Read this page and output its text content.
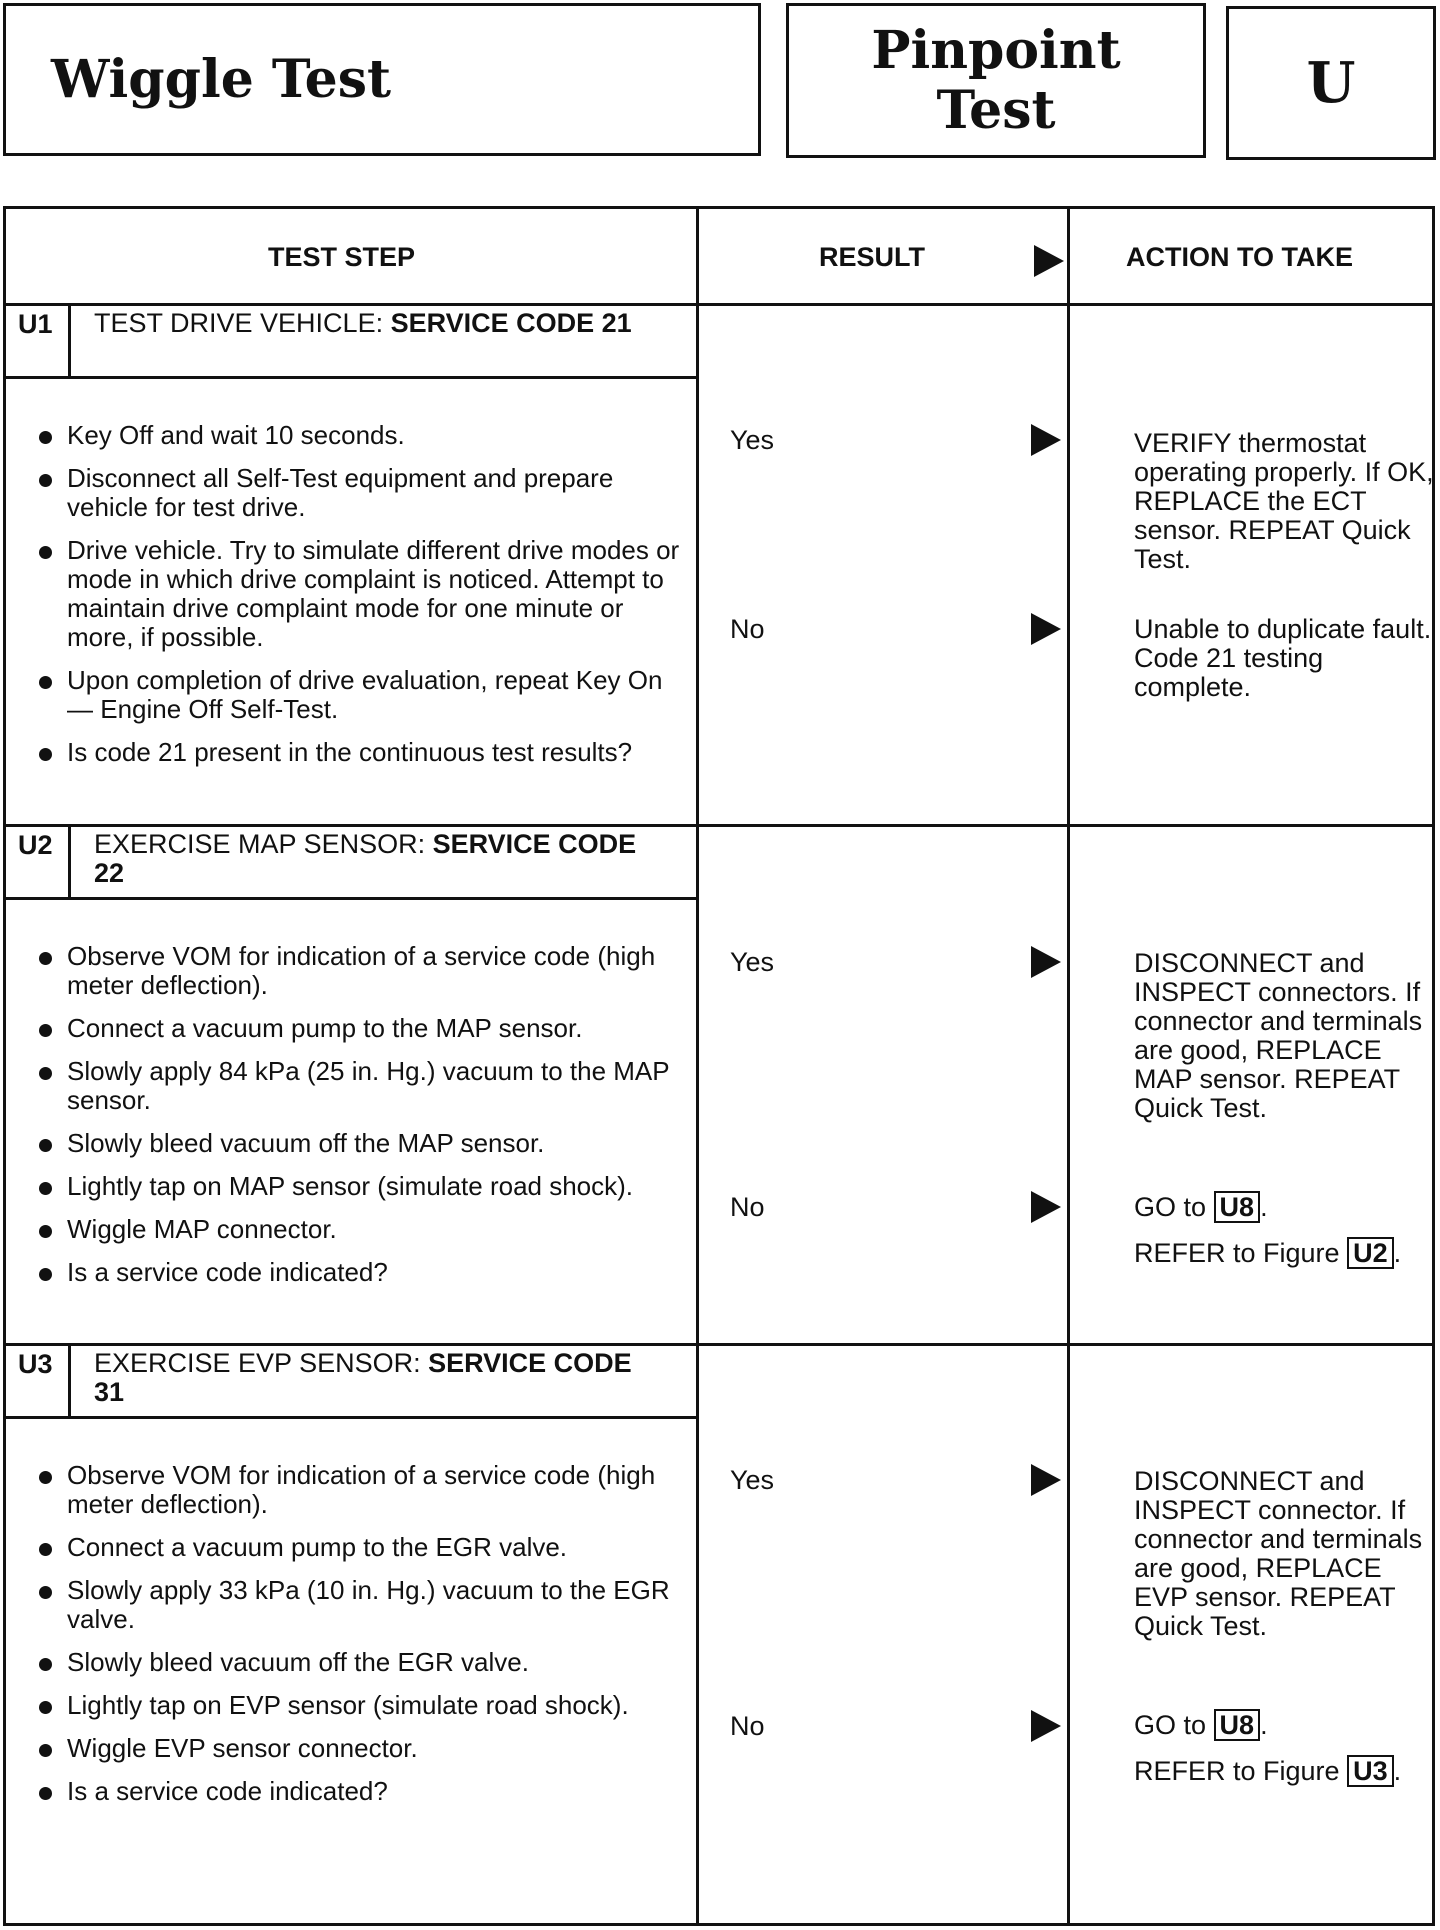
Wiggle Test	Pinpoint Test	U
TEST STEP	RESULT	ACTION TO TAKE
U1 TEST DRIVE VEHICLE: SERVICE CODE 21
Key Off and wait 10 seconds.
Disconnect all Self-Test equipment and prepare vehicle for test drive.
Drive vehicle. Try to simulate different drive modes or mode in which drive complaint is noticed. Attempt to maintain drive complaint mode for one minute or more, if possible.
Upon completion of drive evaluation, repeat Key On — Engine Off Self-Test.
Is code 21 present in the continuous test results?
Yes	VERIFY thermostat operating properly. If OK, REPLACE the ECT sensor. REPEAT Quick Test.
No	Unable to duplicate fault. Code 21 testing complete.
U2 EXERCISE MAP SENSOR: SERVICE CODE 22
Observe VOM for indication of a service code (high meter deflection).
Connect a vacuum pump to the MAP sensor.
Slowly apply 84 kPa (25 in. Hg.) vacuum to the MAP sensor.
Slowly bleed vacuum off the MAP sensor.
Lightly tap on MAP sensor (simulate road shock).
Wiggle MAP connector.
Is a service code indicated?
Yes	DISCONNECT and INSPECT connectors. If connector and terminals are good, REPLACE MAP sensor. REPEAT Quick Test.
No	GO to U8 .

REFER to Figure U2 .

U3 EXERCISE EVP SENSOR: SERVICE CODE 31
Observe VOM for indication of a service code (high meter deflection).
Connect a vacuum pump to the EGR valve.
Slowly apply 33 kPa (10 in. Hg.) vacuum to the EGR valve.
Slowly bleed vacuum off the EGR valve.
Lightly tap on EVP sensor (simulate road shock).
Wiggle EVP sensor connector.
Is a service code indicated?
Yes	DISCONNECT and INSPECT connector. If connector and terminals are good, REPLACE EVP sensor. REPEAT Quick Test.
No	GO to U8 .

REFER to Figure U3 .
